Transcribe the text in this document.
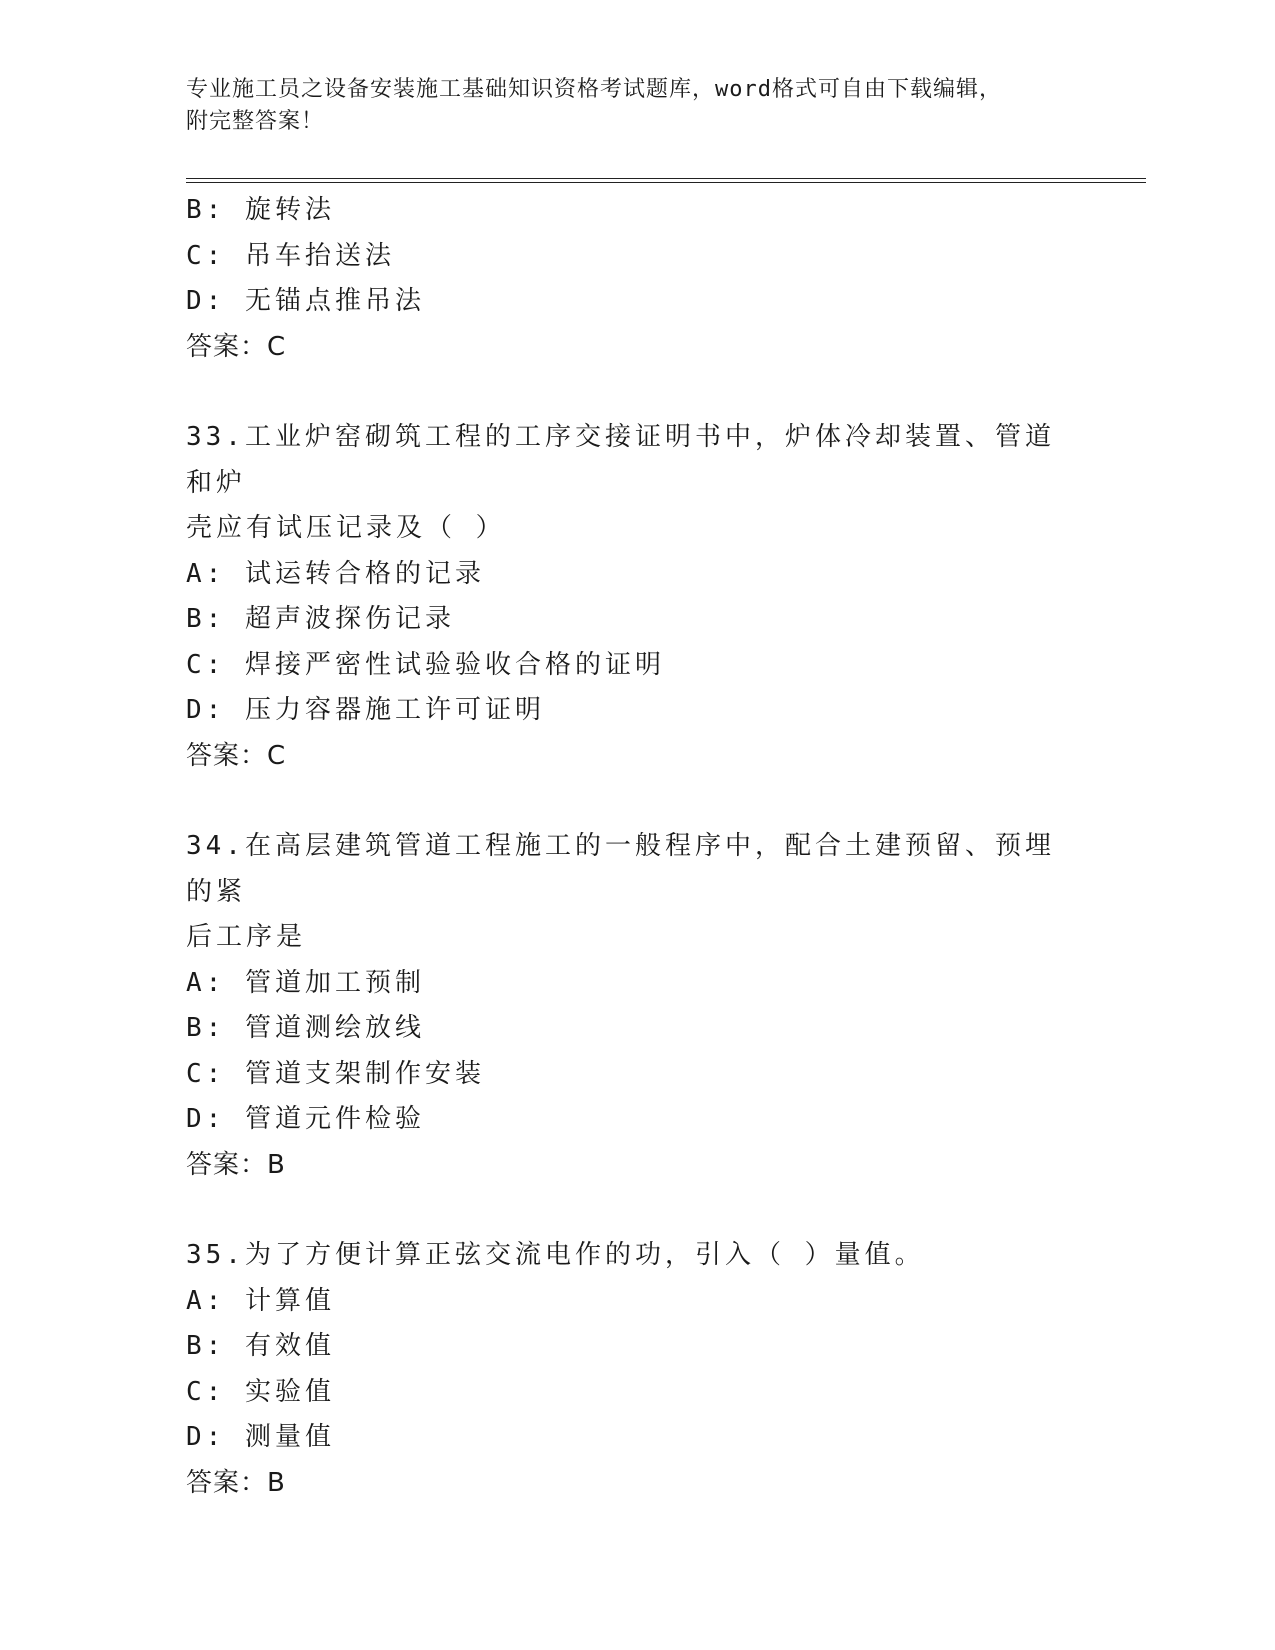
专业施工员之设备安装施工基础知识资格考试题库，word格式可自由下载编辑，
附完整答案！
B: 旋转法
C: 吊车抬送法
D: 无锚点推吊法
答案：C
33.工业炉窑砌筑工程的工序交接证明书中，炉体冷却装置、管道和炉
壳应有试压记录及（ ）
A: 试运转合格的记录
B: 超声波探伤记录
C: 焊接严密性试验验收合格的证明
D: 压力容器施工许可证明
答案：C
34.在高层建筑管道工程施工的一般程序中，配合土建预留、预埋的紧
后工序是
A: 管道加工预制
B: 管道测绘放线
C: 管道支架制作安装
D: 管道元件检验
答案：B
35.为了方便计算正弦交流电作的功，引入（ ）量值。
A: 计算值
B: 有效值
C: 实验值
D: 测量值
答案：B
